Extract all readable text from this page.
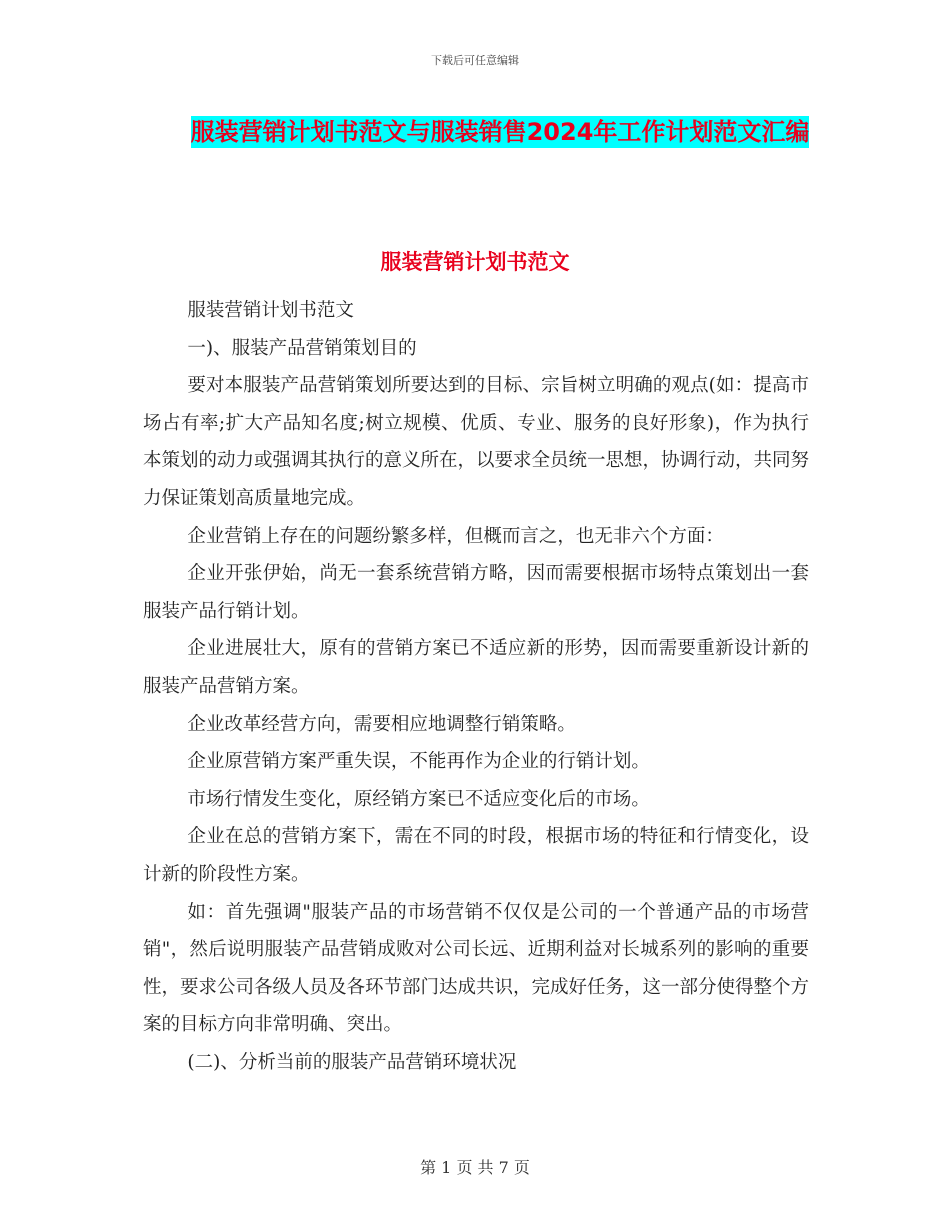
下载后可任意编辑
服装营销计划书范文与服装销售2024年工作计划范文汇编
服装营销计划书范文

服装营销计划书范文

一)、服装产品营销策划目的

要对本服装产品营销策划所要达到的目标、宗旨树立明确的观点(如：提高市场占有率;扩大产品知名度;树立规模、优质、专业、服务的良好形象)，作为执行本策划的动力或强调其执行的意义所在，以要求全员统一思想，协调行动，共同努力保证策划高质量地完成。

企业营销上存在的问题纷繁多样，但概而言之，也无非六个方面：

企业开张伊始，尚无一套系统营销方略，因而需要根据市场特点策划出一套服装产品行销计划。

企业进展壮大，原有的营销方案已不适应新的形势，因而需要重新设计新的服装产品营销方案。

企业改革经营方向，需要相应地调整行销策略。

企业原营销方案严重失误，不能再作为企业的行销计划。

市场行情发生变化，原经销方案已不适应变化后的市场。

企业在总的营销方案下，需在不同的时段，根据市场的特征和行情变化，设计新的阶段性方案。

如：首先强调"服装产品的市场营销不仅仅是公司的一个普通产品的市场营销"，然后说明服装产品营销成败对公司长远、近期利益对长城系列的影响的重要性，要求公司各级人员及各环节部门达成共识，完成好任务，这一部分使得整个方案的目标方向非常明确、突出。

(二)、分析当前的服装产品营销环境状况

第 1 页 共 7 页
